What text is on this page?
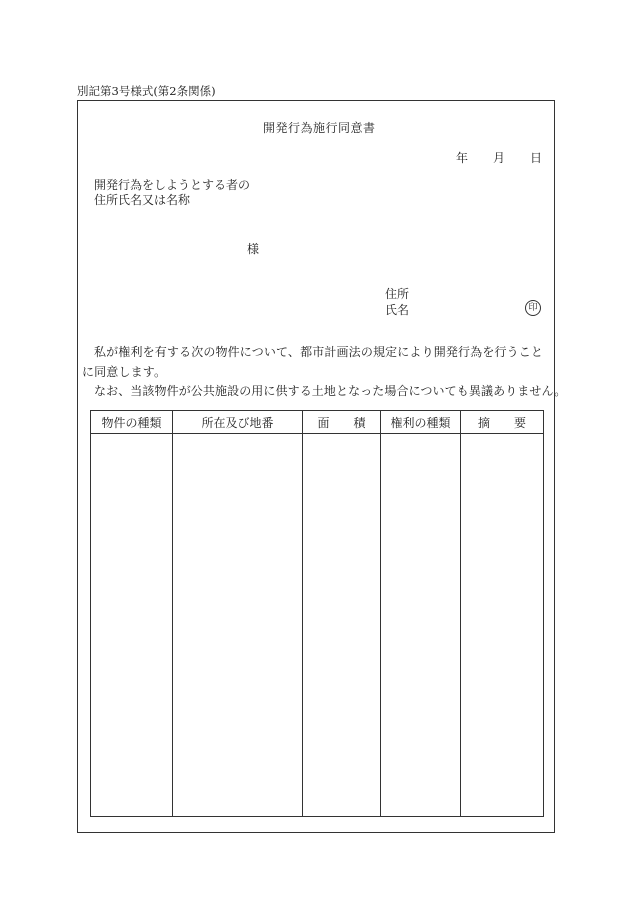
別記第3号様式(第2条関係)
開発行為施行同意書
年 月 日
開発行為をしようとする者の
住所氏名又は名称
様
住所
氏名	印

私が権利を有する次の物件について、都市計画法の規定により開発行為を行うことに同意します。

なお、当該物件が公共施設の用に供する土地となった場合についても異議ありません。

物件の種類	所在及び地番	面　　積	権利の種類	摘　　要
